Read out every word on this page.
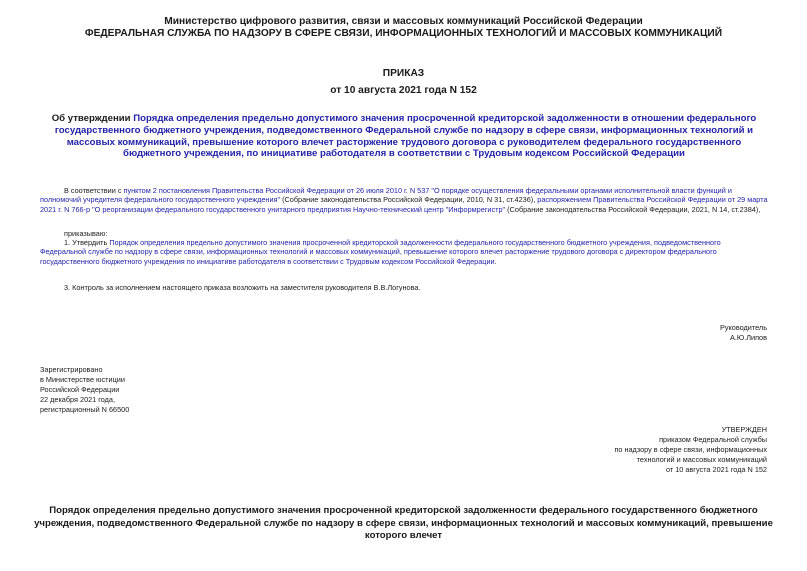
Министерство цифрового развития, связи и массовых коммуникаций Российской Федерации
ФЕДЕРАЛЬНАЯ СЛУЖБА ПО НАДЗОРУ В СФЕРЕ СВЯЗИ, ИНФОРМАЦИОННЫХ ТЕХНОЛОГИЙ И МАССОВЫХ КОММУНИКАЦИЙ
ПРИКАЗ
от 10 августа 2021 года N 152
Об утверждении Порядка определения предельно допустимого значения просроченной кредиторской задолженности в отношении федерального государственного бюджетного учреждения, подведомственного Федеральной службе по надзору в сфере связи, информационных технологий и массовых коммуникаций, превышение которого влечет расторжение трудового договора с руководителем федерального государственного бюджетного учреждения, по инициативе работодателя в соответствии с Трудовым кодексом Российской Федерации
В соответствии с пунктом 2 постановления Правительства Российской Федерации от 26 июля 2010 г. N 537 "О порядке осуществления федеральными органами исполнительной власти функций и полномочий учредителя федерального государственного учреждения" (Собрание законодательства Российской Федерации, 2010, N 31, ст.4236), распоряжением Правительства Российской Федерации от 29 марта 2021 г. N 766-р "О реорганизации федерального государственного унитарного предприятия Научно-технический центр "Информрегистр" (Собрание законодательства Российской Федерации, 2021, N 14, ст.2384),
приказываю:
1. Утвердить Порядок определения предельно допустимого значения просроченной кредиторской задолженности федерального государственного бюджетного учреждения, подведомственного Федеральной службе по надзору в сфере связи, информационных технологий и массовых коммуникаций, превышение которого влечет расторжение трудового договора с директором федерального государственного бюджетного учреждения по инициативе работодателя в соответствии с Трудовым кодексом Российской Федерации.
3. Контроль за исполнением настоящего приказа возложить на заместителя руководителя В.В.Логунова.
Руководитель
А.Ю.Липов
Зарегистрировано
в Министерстве юстиции
Российской Федерации
22 декабря 2021 года,
регистрационный N 66500
УТВЕРЖДЕН
приказом Федеральной службы
по надзору в сфере связи, информационных
технологий и массовых коммуникаций
от 10 августа 2021 года N 152
Порядок определения предельно допустимого значения просроченной кредиторской задолженности федерального государственного бюджетного учреждения, подведомственного Федеральной службе по надзору в сфере связи, информационных технологий и массовых коммуникаций, превышение которого влечет
